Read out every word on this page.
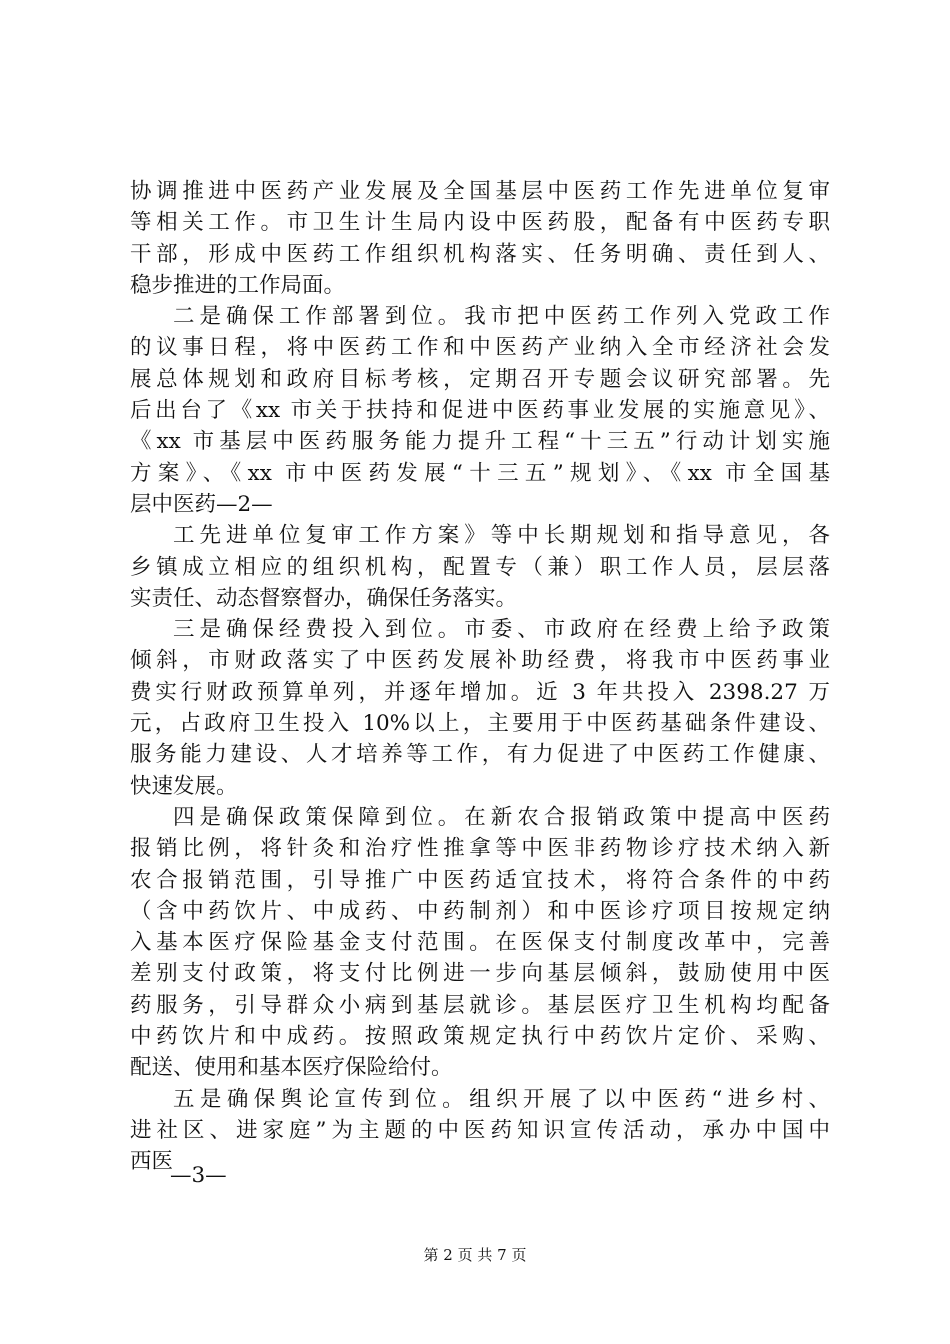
协调推进中医药产业发展及全国基层中医药工作先进单位复审
等相关工作。市卫生计生局内设中医药股，配备有中医药专职
干部，形成中医药工作组织机构落实、任务明确、责任到人、
稳步推进的工作局面。
二是确保工作部署到位。我市把中医药工作列入党政工作
的议事日程，将中医药工作和中医药产业纳入全市经济社会发
展总体规划和政府目标考核，定期召开专题会议研究部署。先
后出台了《xx 市关于扶持和促进中医药事业发展的实施意见》、
《xx 市基层中医药服务能力提升工程“十三五”行动计划实施
方案》、《xx 市中医药发展“十三五”规划》、《xx 市全国基
层中医药—2—
工先进单位复审工作方案》等中长期规划和指导意见，各
乡镇成立相应的组织机构，配置专（兼）职工作人员，层层落
实责任、动态督察督办，确保任务落实。
三是确保经费投入到位。市委、市政府在经费上给予政策
倾斜，市财政落实了中医药发展补助经费，将我市中医药事业
费实行财政预算单列，并逐年增加。近 3 年共投入 2398.27 万
元，占政府卫生投入 10%以上，主要用于中医药基础条件建设、
服务能力建设、人才培养等工作，有力促进了中医药工作健康、
快速发展。
四是确保政策保障到位。在新农合报销政策中提高中医药
报销比例，将针灸和治疗性推拿等中医非药物诊疗技术纳入新
农合报销范围，引导推广中医药适宜技术，将符合条件的中药
（含中药饮片、中成药、中药制剂）和中医诊疗项目按规定纳
入基本医疗保险基金支付范围。在医保支付制度改革中，完善
差别支付政策，将支付比例进一步向基层倾斜，鼓励使用中医
药服务，引导群众小病到基层就诊。基层医疗卫生机构均配备
中药饮片和中成药。按照政策规定执行中药饮片定价、采购、
配送、使用和基本医疗保险给付。
五是确保舆论宣传到位。组织开展了以中医药“进乡村、
进社区、进家庭”为主题的中医药知识宣传活动，承办中国中
西医
—3—
第 2 页 共 7 页
